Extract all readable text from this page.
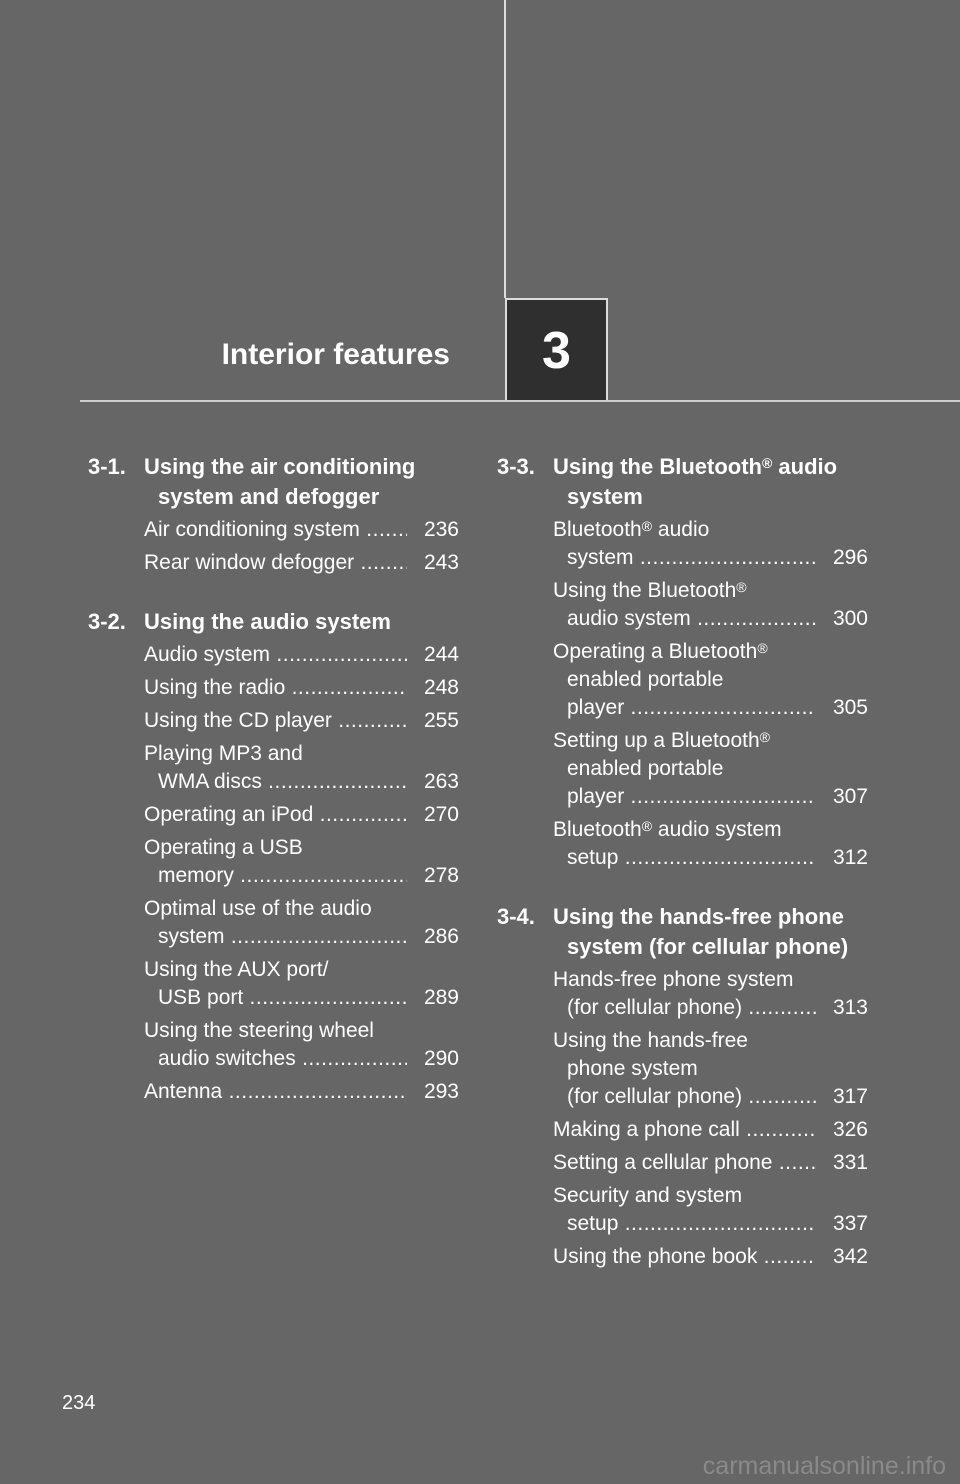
Interior features 3
3-1. Using the air conditioning
system and defogger
Air conditioning system .....	236
Rear window defogger .....	243
3-2. Using the audio system
Audio system .....	244
Using the radio .....	248
Using the CD player .....	255
Playing MP3 and
WMA discs .....	263
Operating an iPod .....	270
Operating a USB
memory .....	278
Optimal use of the audio
system .....	286
Using the AUX port/
USB port .....	289
Using the steering wheel
audio switches .....	290
Antenna .....	293
3-3. Using the Bluetooth® audio
system
Bluetooth® audio
system .....	296
Using the Bluetooth®
audio system .....	300
Operating a Bluetooth®
enabled portable
player .....	305
Setting up a Bluetooth®
enabled portable
player .....	307
Bluetooth® audio system
setup .....	312
3-4. Using the hands-free phone
system (for cellular phone)
Hands-free phone system
(for cellular phone) .....	313
Using the hands-free
phone system
(for cellular phone) .....	317
Making a phone call .....	326
Setting a cellular phone .....	331
Security and system
setup .....	337
Using the phone book .....	342
234
carmanualsonline.info
